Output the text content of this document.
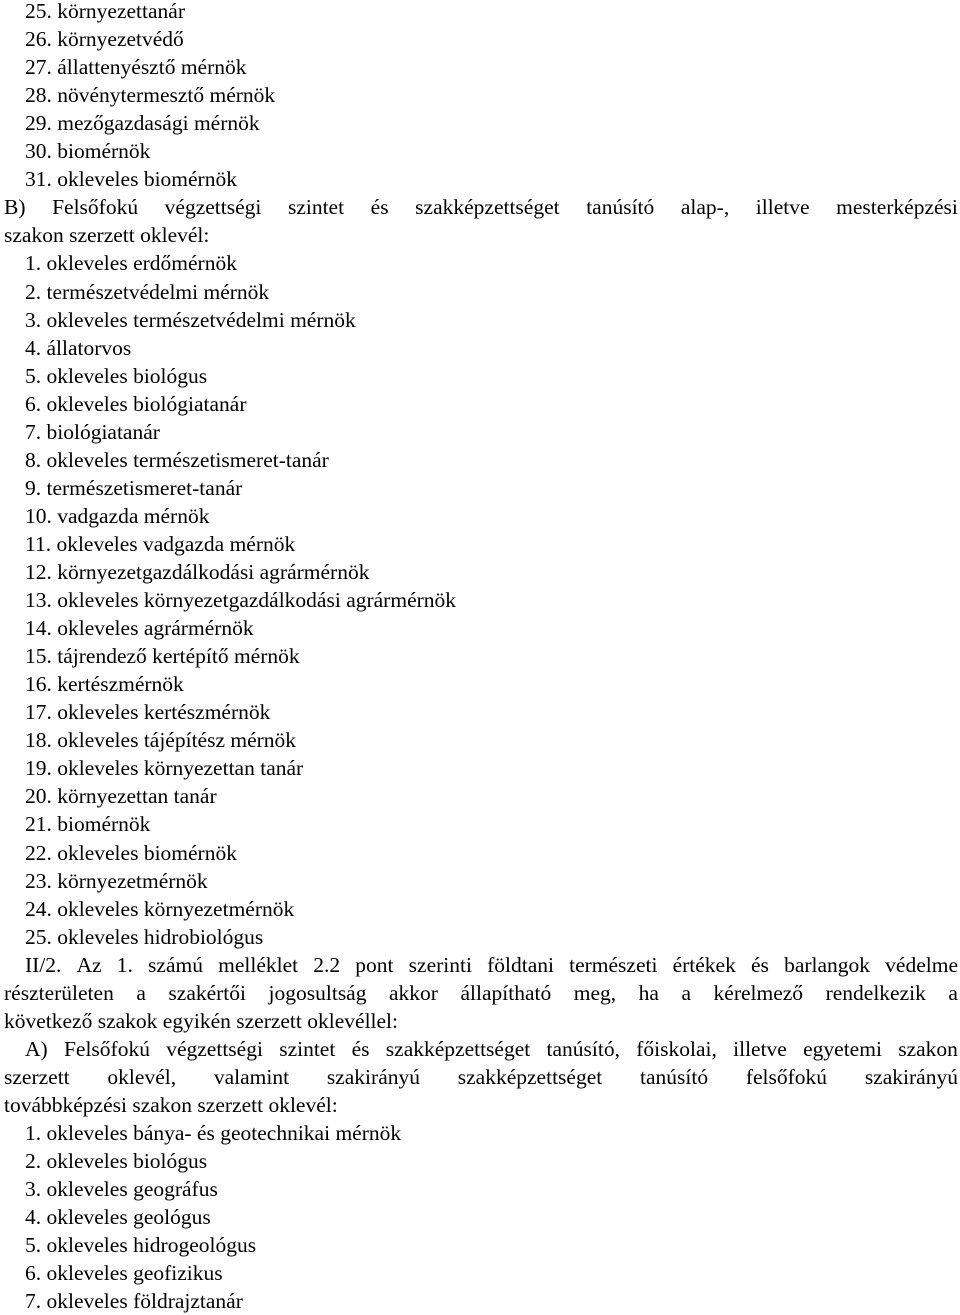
25. környezettanár
26. környezetvédő
27. állattenyésztő mérnök
28. növénytermesztő mérnök
29. mezőgazdasági mérnök
30. biomérnök
31. okleveles biomérnök
B) Felsőfokú végzettségi szintet és szakképzettséget tanúsító alap-, illetve mesterképzési
szakon szerzett oklevél:
1. okleveles erdőmérnök
2. természetvédelmi mérnök
3. okleveles természetvédelmi mérnök
4. állatorvos
5. okleveles biológus
6. okleveles biológiatanár
7. biológiatanár
8. okleveles természetismeret-tanár
9. természetismeret-tanár
10. vadgazda mérnök
11. okleveles vadgazda mérnök
12. környezetgazdálkodási agrármérnök
13. okleveles környezetgazdálkodási agrármérnök
14. okleveles agrármérnök
15. tájrendező kertépítő mérnök
16. kertészmérnök
17. okleveles kertészmérnök
18. okleveles tájépítész mérnök
19. okleveles környezettan tanár
20. környezettan tanár
21. biomérnök
22. okleveles biomérnök
23. környezetmérnök
24. okleveles környezetmérnök
25. okleveles hidrobiológus
II/2. Az 1. számú melléklet 2.2 pont szerinti földtani természeti értékek és barlangok védelme
részterületen a szakértői jogosultság akkor állapítható meg, ha a kérelmező rendelkezik a
következő szakok egyikén szerzett oklevéllel:
A) Felsőfokú végzettségi szintet és szakképzettséget tanúsító, főiskolai, illetve egyetemi szakon
szerzett oklevél, valamint szakirányú szakképzettséget tanúsító felsőfokú szakirányú
továbbképzési szakon szerzett oklevél:
1. okleveles bánya- és geotechnikai mérnök
2. okleveles biológus
3. okleveles geográfus
4. okleveles geológus
5. okleveles hidrogeológus
6. okleveles geofizikus
7. okleveles földrajztanár
